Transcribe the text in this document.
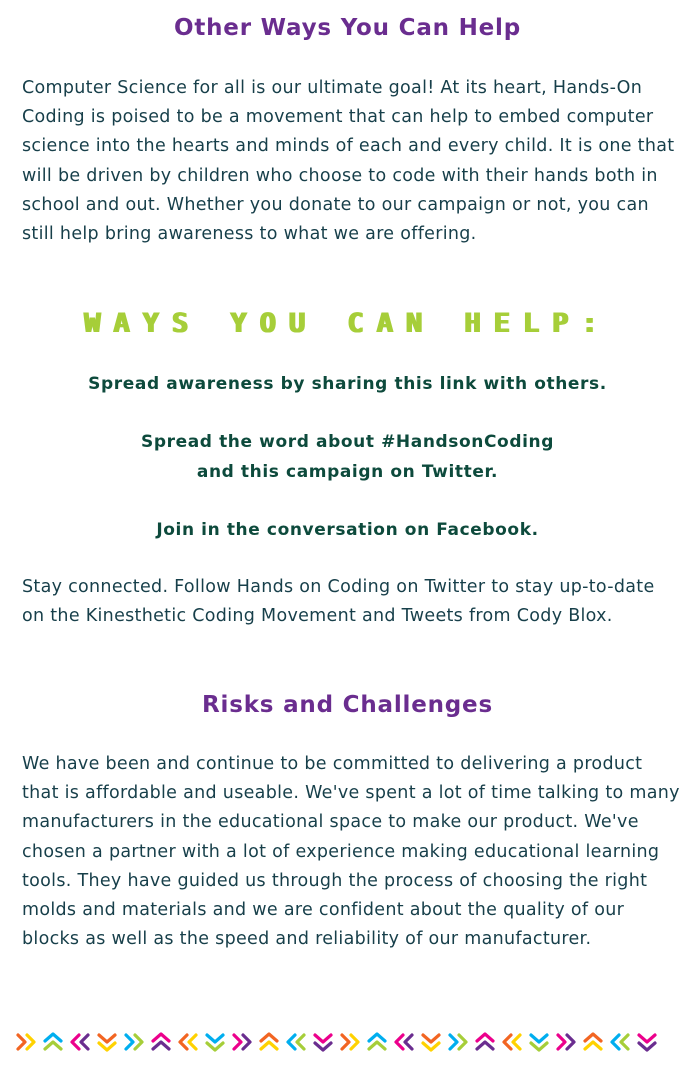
Other Ways You Can Help

Computer Science for all is our ultimate goal! At its heart, Hands-On Coding is poised to be a movement that can help to embed computer science into the hearts and minds of each and every child. It is one that will be driven by children who choose to code with their hands both in school and out. Whether you donate to our campaign or not, you can still help bring awareness to what we are offering.

WAYS YOU CAN HELP:

Spread awareness by sharing this link with others.

Spread the word about #HandsonCoding
and this campaign on Twitter.

Join in the conversation on Facebook.

Stay connected. Follow Hands on Coding on Twitter to stay up-to-date on the Kinesthetic Coding Movement and Tweets from Cody Blox.

Risks and Challenges

We have been and continue to be committed to delivering a product that is affordable and useable. We've spent a lot of time talking to many manufacturers in the educational space to make our product. We've chosen a partner with a lot of experience making educational learning tools. They have guided us through the process of choosing the right molds and materials and we are confident about the quality of our blocks as well as the speed and reliability of our manufacturer.
